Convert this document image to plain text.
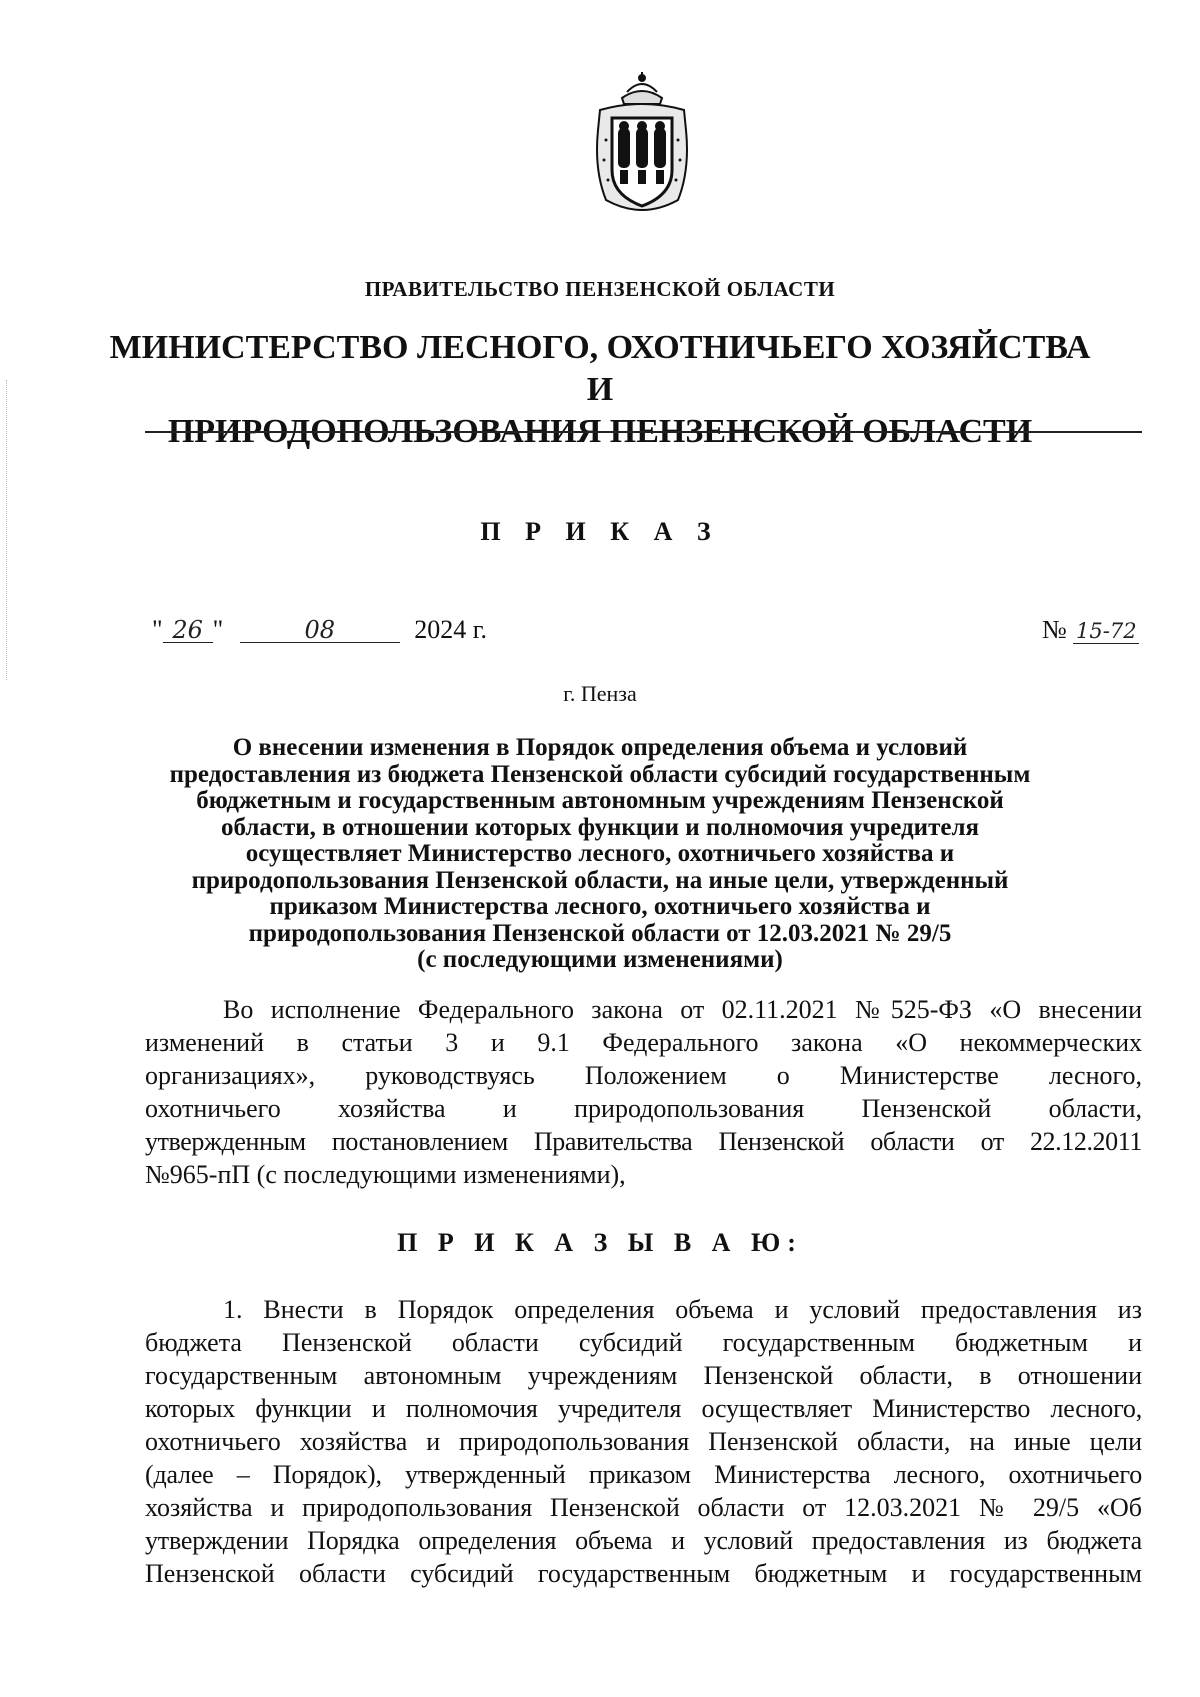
ПРАВИТЕЛЬСТВО ПЕНЗЕНСКОЙ ОБЛАСТИ
МИНИСТЕРСТВО ЛЕСНОГО, ОХОТНИЧЬЕГО ХОЗЯЙСТВА И
ПРИРОДОПОЛЬЗОВАНИЯ ПЕНЗЕНСКОЙ ОБЛАСТИ
П Р И К А З
" 26 "	08	2024 г.	№ 15-72
г. Пенза
О внесении изменения в Порядок определения объема и условий
предоставления из бюджета Пензенской области субсидий государственным
бюджетным и государственным автономным учреждениям Пензенской
области, в отношении которых функции и полномочия учредителя
осуществляет Министерство лесного, охотничьего хозяйства и
природопользования Пензенской области, на иные цели, утвержденный
приказом Министерства лесного, охотничьего хозяйства и
природопользования Пензенской области от 12.03.2021 № 29/5
(с последующими изменениями)
Во исполнение Федерального закона от 02.11.2021 №525-ФЗ «О внесении
изменений в статьи 3 и 9.1 Федерального закона «О некоммерческих
организациях», руководствуясь Положением о Министерстве лесного,
охотничьего хозяйства и природопользования Пензенской области,
утвержденным постановлением Правительства Пензенской области от 22.12.2011
№965-пП (с последующими изменениями),
П Р И К А З Ы В А Ю:
1. Внести в Порядок определения объема и условий предоставления из
бюджета Пензенской области субсидий государственным бюджетным и
государственным автономным учреждениям Пензенской области, в отношении
которых функции и полномочия учредителя осуществляет Министерство лесного,
охотничьего хозяйства и природопользования Пензенской области, на иные цели
(далее – Порядок), утвержденный приказом Министерства лесного, охотничьего
хозяйства и природопользования Пензенской области от 12.03.2021 № 29/5 «Об
утверждении Порядка определения объема и условий предоставления из бюджета
Пензенской области субсидий государственным бюджетным и государственным
